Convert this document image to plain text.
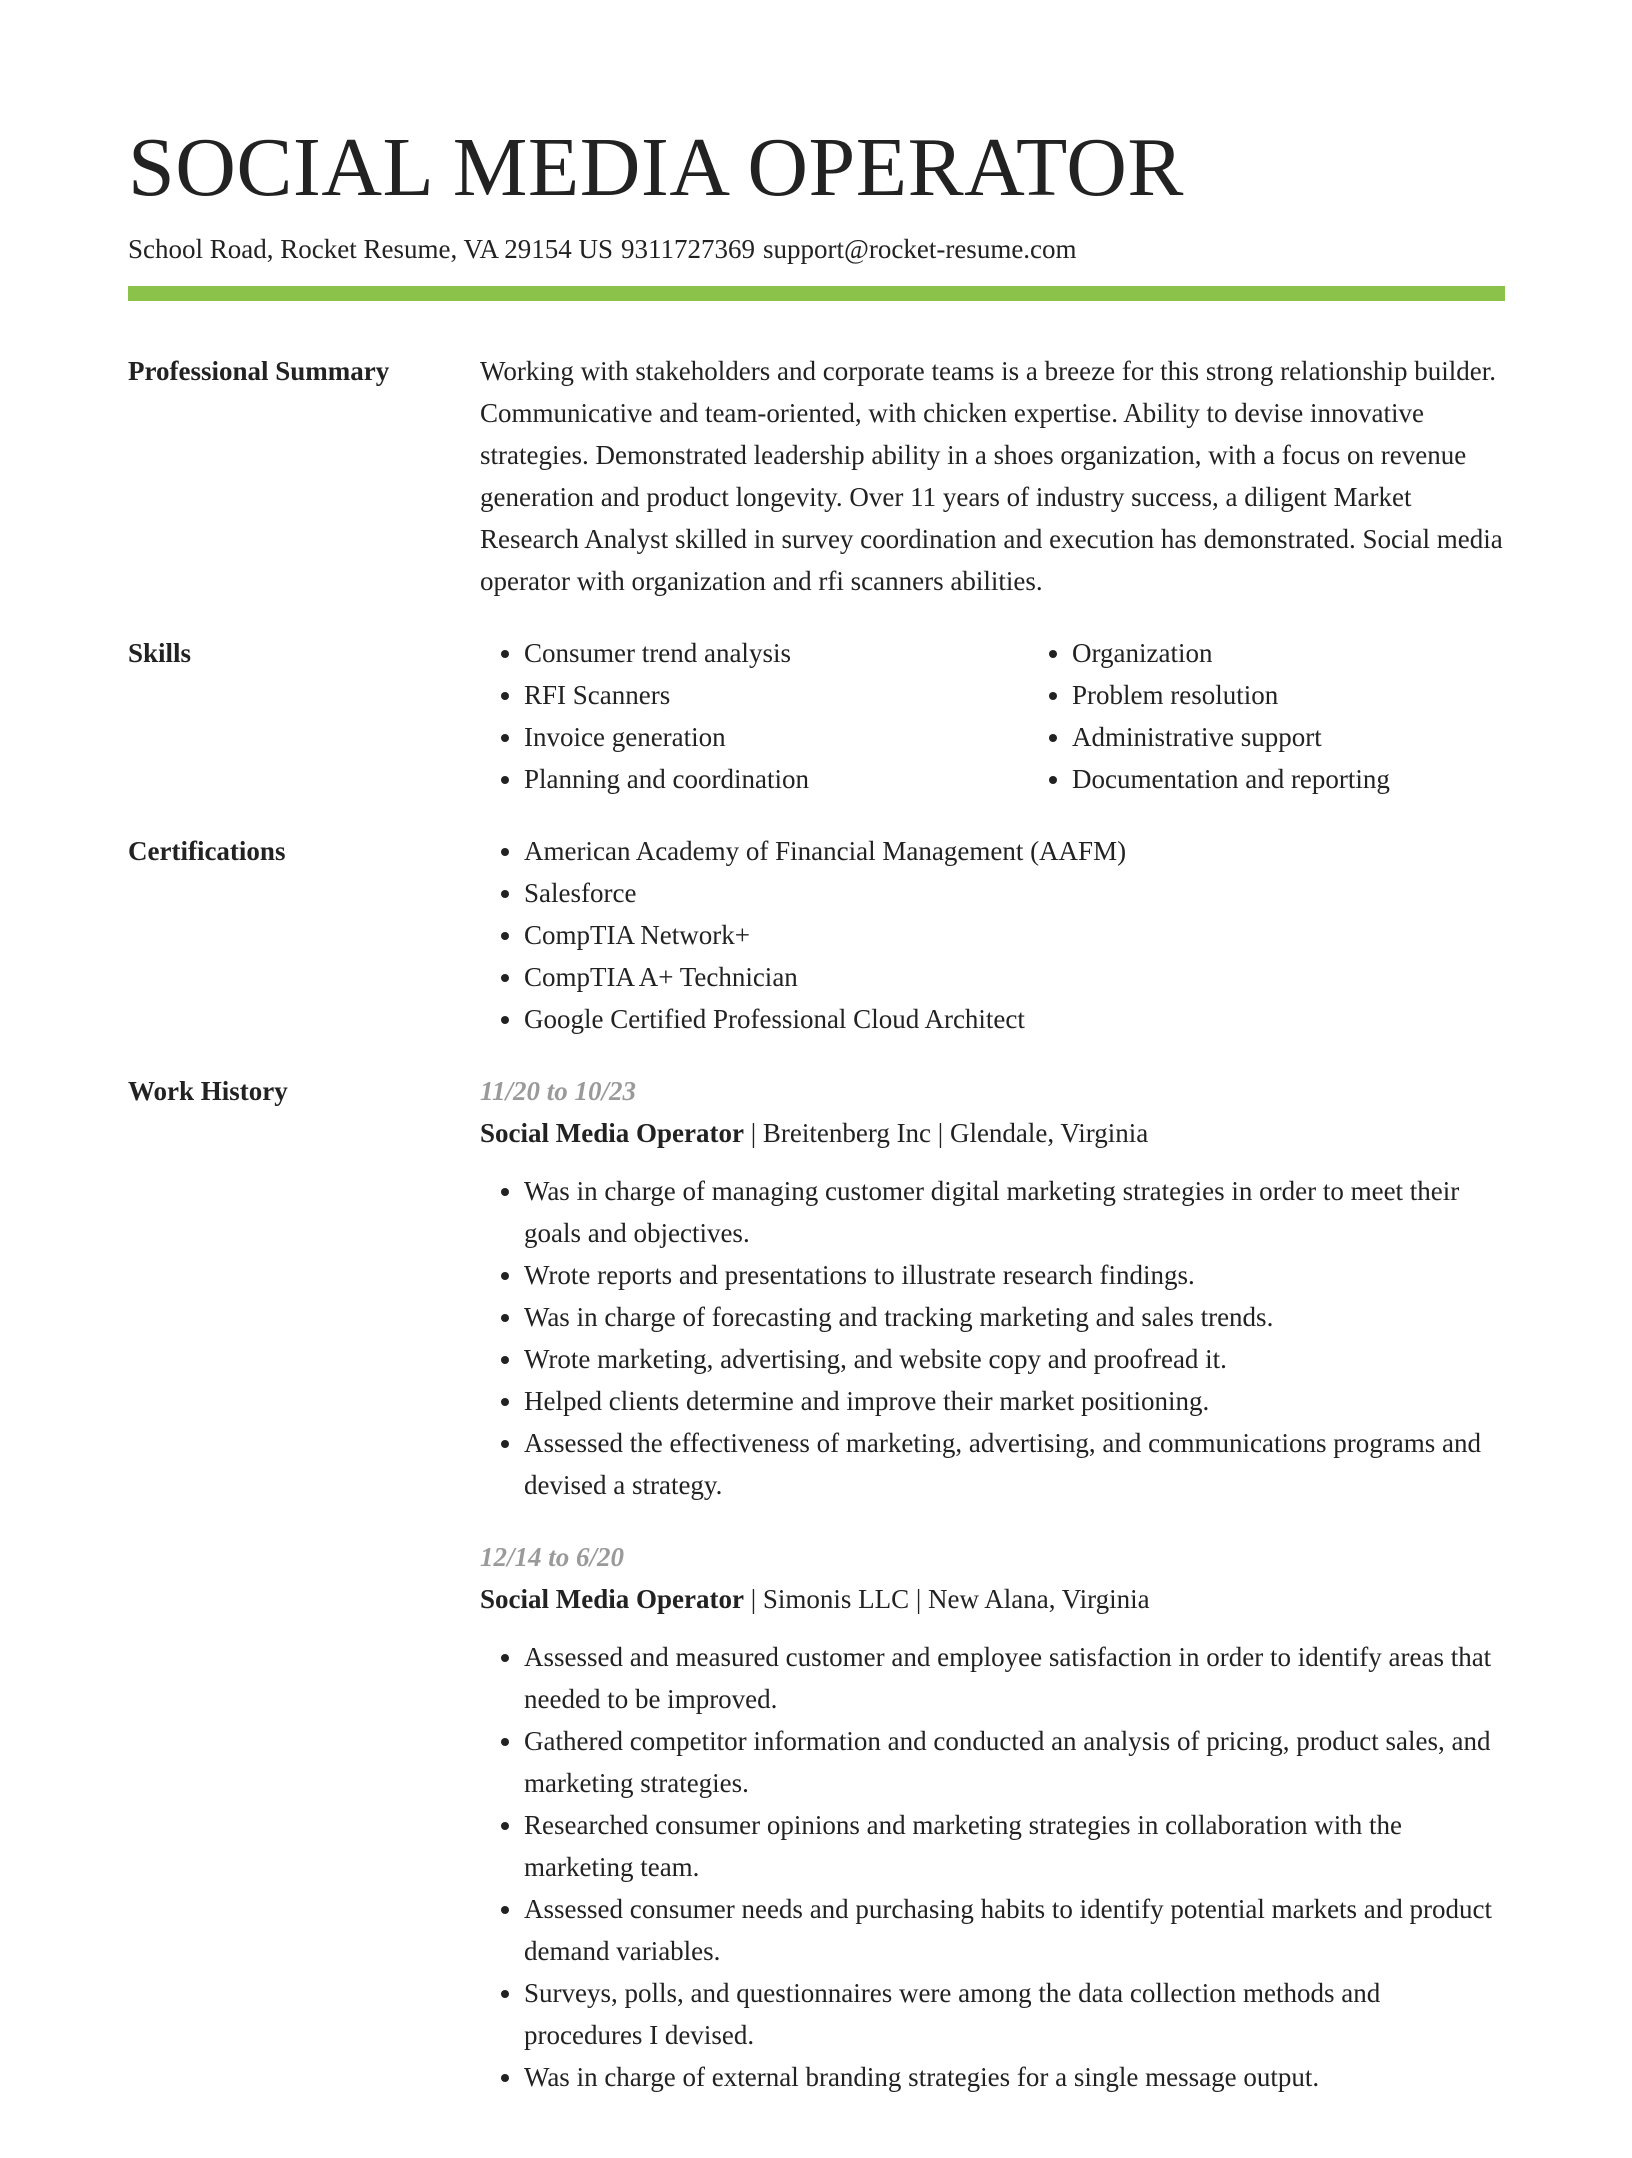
SOCIAL MEDIA OPERATOR
School Road, Rocket Resume, VA 29154 US 9311727369 support@rocket-resume.com
Professional Summary	Working with stakeholders and corporate teams is a breeze for this strong relationship builder. Communicative and team-oriented, with chicken expertise. Ability to devise innovative strategies. Demonstrated leadership ability in a shoes organization, with a focus on revenue generation and product longevity. Over 11 years of industry success, a diligent Market Research Analyst skilled in survey coordination and execution has demonstrated. Social media operator with organization and rfi scanners abilities.

Skills	• Consumer trend analysis
• RFI Scanners
• Invoice generation
• Planning and coordination
• Organization
• Problem resolution
• Administrative support
• Documentation and reporting
Certifications	• American Academy of Financial Management (AAFM)
• Salesforce
• CompTIA Network+
• CompTIA A+ Technician
• Google Certified Professional Cloud Architect
Work History	11/20 to 10/23
Social Media Operator | Breitenberg Inc | Glendale, Virginia
• Was in charge of managing customer digital marketing strategies in order to meet their goals and objectives.
• Wrote reports and presentations to illustrate research findings.
• Was in charge of forecasting and tracking marketing and sales trends.
• Wrote marketing, advertising, and website copy and proofread it.
• Helped clients determine and improve their market positioning.
• Assessed the effectiveness of marketing, advertising, and communications programs and devised a strategy.
12/14 to 6/20
Social Media Operator | Simonis LLC | New Alana, Virginia
• Assessed and measured customer and employee satisfaction in order to identify areas that needed to be improved.
• Gathered competitor information and conducted an analysis of pricing, product sales, and marketing strategies.
• Researched consumer opinions and marketing strategies in collaboration with the marketing team.
• Assessed consumer needs and purchasing habits to identify potential markets and product demand variables.
• Surveys, polls, and questionnaires were among the data collection methods and procedures I devised.
• Was in charge of external branding strategies for a single message output.
